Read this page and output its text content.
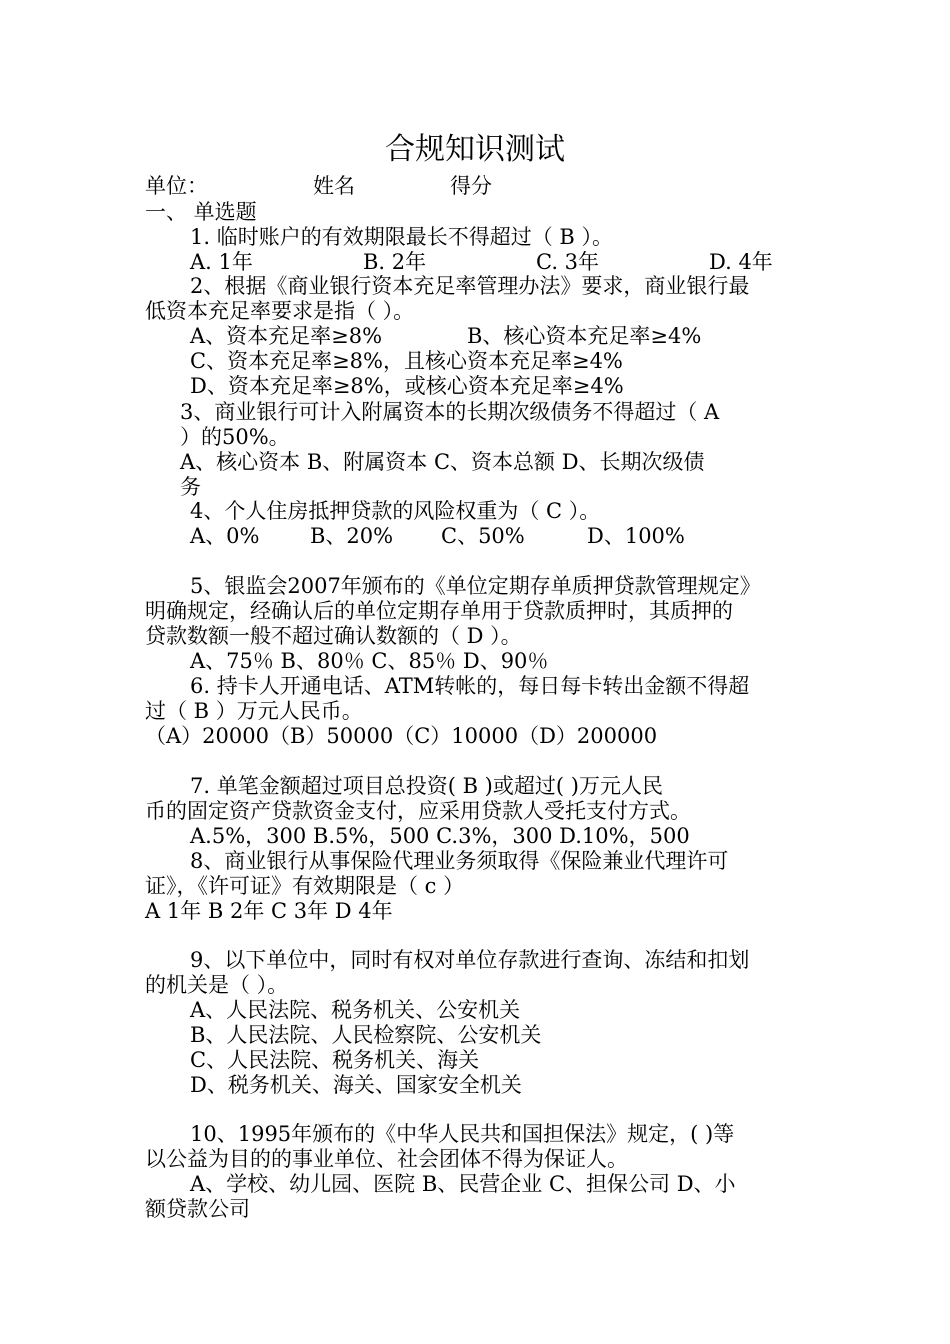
合规知识测试
单位：	姓名	得分
一、 单选题
1. 临时账户的有效期限最长不得超过（ B ）。
A. 1年	B. 2年	C. 3年	D. 4年
2、根据《商业银行资本充足率管理办法》要求，商业银行最
低资本充足率要求是指（ ）。
A、资本充足率≥8%	B、核心资本充足率≥4%
C、资本充足率≥8%，且核心资本充足率≥4%
D、资本充足率≥8%，或核心资本充足率≥4%
3、商业银行可计入附属资本的长期次级债务不得超过（ A
）的50%。
A、核心资本 B、附属资本 C、资本总额 D、长期次级债
务
4、个人住房抵押贷款的风险权重为（ C ）。
A、0% B、20% C、50%	D、100%
5、银监会2007年颁布的《单位定期存单质押贷款管理规定》
明确规定，经确认后的单位定期存单用于贷款质押时，其质押的
贷款数额一般不超过确认数额的（ D ）。
A、75％ B、80％ C、85％ D、90％
6. 持卡人开通电话、ATM转帐的，每日每卡转出金额不得超
过（ B ）万元人民币。
（A）20000（B）50000（C）10000（D）200000
7. 单笔金额超过项目总投资( B )或超过( )万元人民
币的固定资产贷款资金支付，应采用贷款人受托支付方式。
A.5%，300 B.5%，500 C.3%，300 D.10%，500
8、商业银行从事保险代理业务须取得《保险兼业代理许可
证》，《许可证》有效期限是（ c ）
A 1年 B 2年 C 3年 D 4年
9、以下单位中，同时有权对单位存款进行查询、冻结和扣划
的机关是（ ）。
A、人民法院、税务机关、公安机关
B、人民法院、人民检察院、公安机关
C、人民法院、税务机关、海关
D、税务机关、海关、国家安全机关
10、1995年颁布的《中华人民共和国担保法》规定，( )等
以公益为目的的事业单位、社会团体不得为保证人。
A、学校、幼儿园、医院 B、民营企业 C、担保公司 D、小
额贷款公司
